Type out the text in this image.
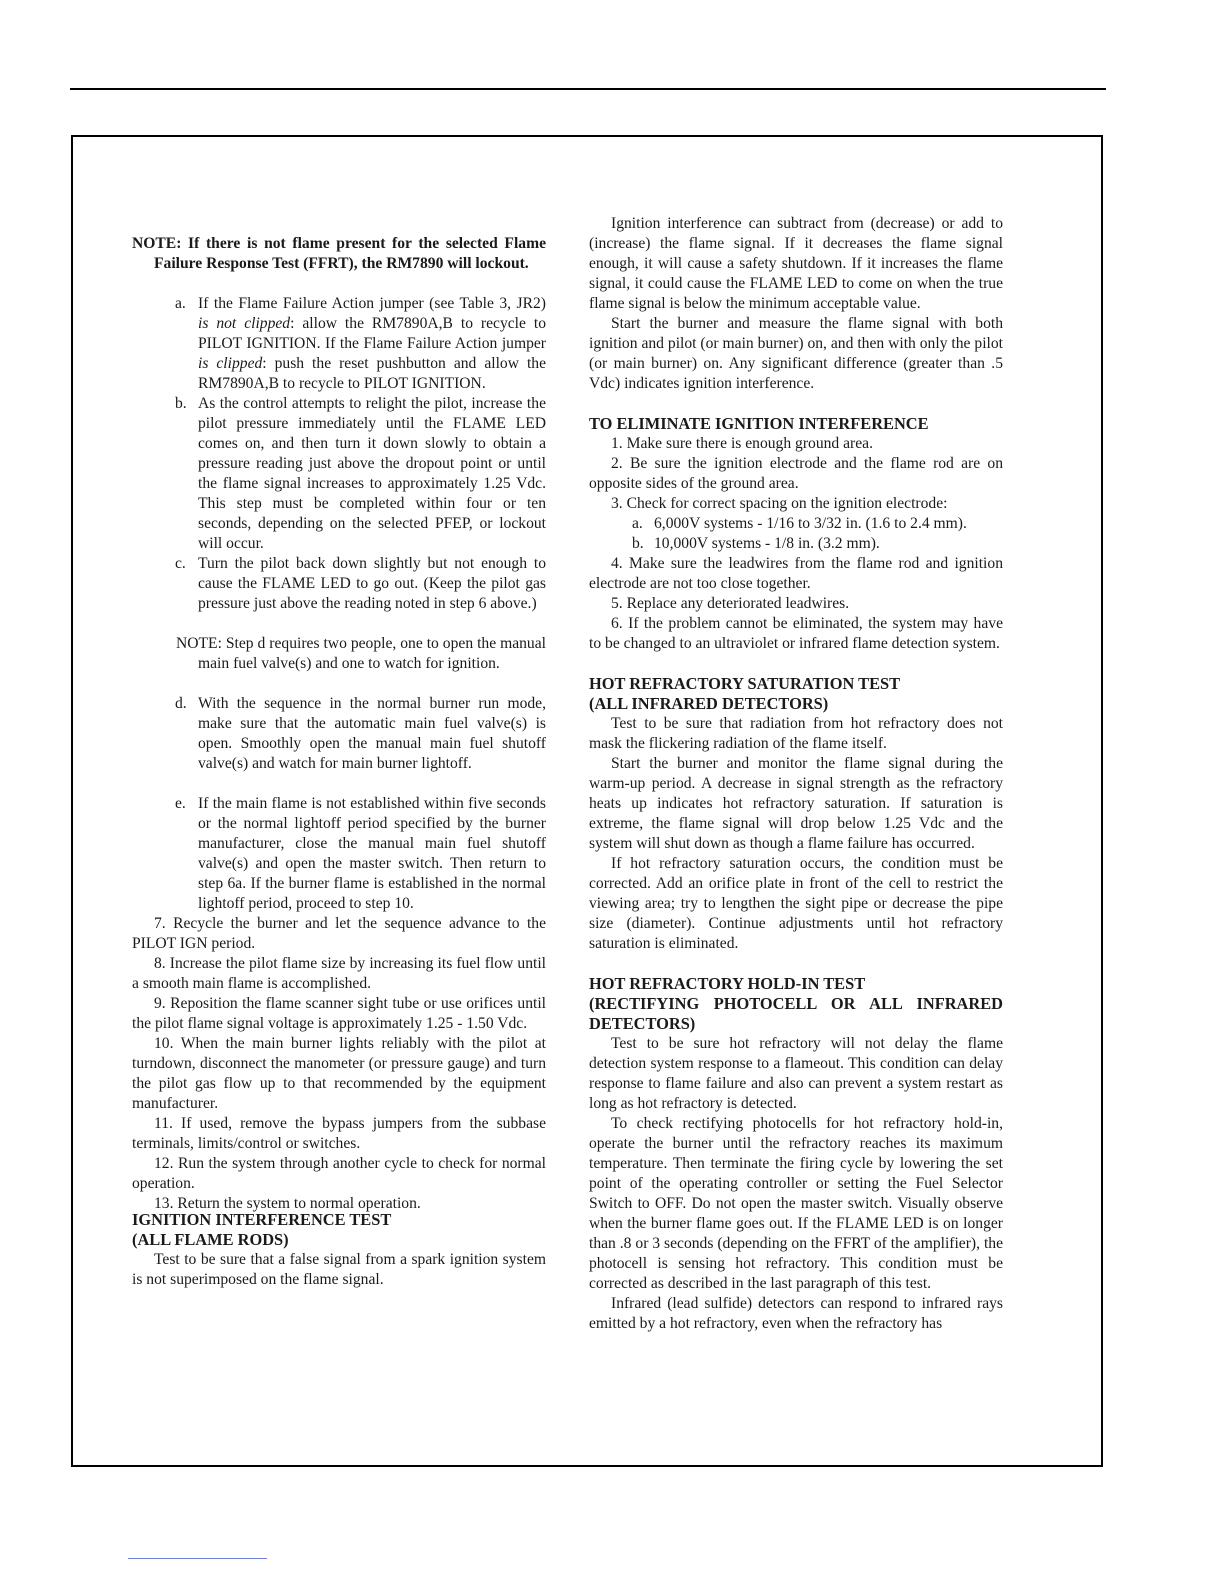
NOTE: If there is not flame present for the selected Flame Failure Response Test (FFRT), the RM7890 will lockout.

a. If the Flame Failure Action jumper (see Table 3, JR2) is not clipped: allow the RM7890A,B to recycle to PILOT IGNITION. If the Flame Failure Action jumper is clipped: push the reset pushbutton and allow the RM7890A,B to recycle to PILOT IGNITION.
b. As the control attempts to relight the pilot, increase the pilot pressure immediately until the FLAME LED comes on, and then turn it down slowly to obtain a pressure reading just above the dropout point or until the flame signal increases to approximately 1.25 Vdc. This step must be completed within four or ten seconds, depending on the selected PFEP, or lockout will occur.
c. Turn the pilot back down slightly but not enough to cause the FLAME LED to go out. (Keep the pilot gas pressure just above the reading noted in step 6 above.)

NOTE: Step d requires two people, one to open the manual main fuel valve(s) and one to watch for ignition.

d. With the sequence in the normal burner run mode, make sure that the automatic main fuel valve(s) is open. Smoothly open the manual main fuel shutoff valve(s) and watch for main burner lightoff.
e. If the main flame is not established within five seconds or the normal lightoff period specified by the burner manufacturer, close the manual main fuel shutoff valve(s) and open the master switch. Then return to step 6a. If the burner flame is established in the normal lightoff period, proceed to step 10.

7. Recycle the burner and let the sequence advance to the PILOT IGN period.

8. Increase the pilot flame size by increasing its fuel flow until a smooth main flame is accomplished.

9. Reposition the flame scanner sight tube or use orifices until the pilot flame signal voltage is approximately 1.25 - 1.50 Vdc.

10. When the main burner lights reliably with the pilot at turndown, disconnect the manometer (or pressure gauge) and turn the pilot gas flow up to that recommended by the equipment manufacturer.

11. If used, remove the bypass jumpers from the subbase terminals, limits/control or switches.

12. Run the system through another cycle to check for normal operation.

13. Return the system to normal operation.

IGNITION INTERFERENCE TEST

(ALL FLAME RODS)

Test to be sure that a false signal from a spark ignition system is not superimposed on the flame signal.

Ignition interference can subtract from (decrease) or add to (increase) the flame signal. If it decreases the flame signal enough, it will cause a safety shutdown. If it increases the flame signal, it could cause the FLAME LED to come on when the true flame signal is below the minimum acceptable value.

Start the burner and measure the flame signal with both ignition and pilot (or main burner) on, and then with only the pilot (or main burner) on. Any significant difference (greater than .5 Vdc) indicates ignition interference.

TO ELIMINATE IGNITION INTERFERENCE

1. Make sure there is enough ground area.

2. Be sure the ignition electrode and the flame rod are on opposite sides of the ground area.

3. Check for correct spacing on the ignition electrode:

a. 6,000V systems - 1/16 to 3/32 in. (1.6 to 2.4 mm).
b. 10,000V systems - 1/8 in. (3.2 mm).

4. Make sure the leadwires from the flame rod and ignition electrode are not too close together.

5. Replace any deteriorated leadwires.

6. If the problem cannot be eliminated, the system may have to be changed to an ultraviolet or infrared flame detection system.

HOT REFRACTORY SATURATION TEST

(ALL INFRARED DETECTORS)

Test to be sure that radiation from hot refractory does not mask the flickering radiation of the flame itself.

Start the burner and monitor the flame signal during the warm-up period. A decrease in signal strength as the refractory heats up indicates hot refractory saturation. If saturation is extreme, the flame signal will drop below 1.25 Vdc and the system will shut down as though a flame failure has occurred.

If hot refractory saturation occurs, the condition must be corrected. Add an orifice plate in front of the cell to restrict the viewing area; try to lengthen the sight pipe or decrease the pipe size (diameter). Continue adjustments until hot refractory saturation is eliminated.

HOT REFRACTORY HOLD-IN TEST

(RECTIFYING PHOTOCELL OR ALL INFRARED DETECTORS)

Test to be sure hot refractory will not delay the flame detection system response to a flameout. This condition can delay response to flame failure and also can prevent a system restart as long as hot refractory is detected.

To check rectifying photocells for hot refractory hold-in, operate the burner until the refractory reaches its maximum temperature. Then terminate the firing cycle by lowering the set point of the operating controller or setting the Fuel Selector Switch to OFF. Do not open the master switch. Visually observe when the burner flame goes out. If the FLAME LED is on longer than .8 or 3 seconds (depending on the FFRT of the amplifier), the photocell is sensing hot refractory. This condition must be corrected as described in the last paragraph of this test.

Infrared (lead sulfide) detectors can respond to infrared rays emitted by a hot refractory, even when the refractory has
